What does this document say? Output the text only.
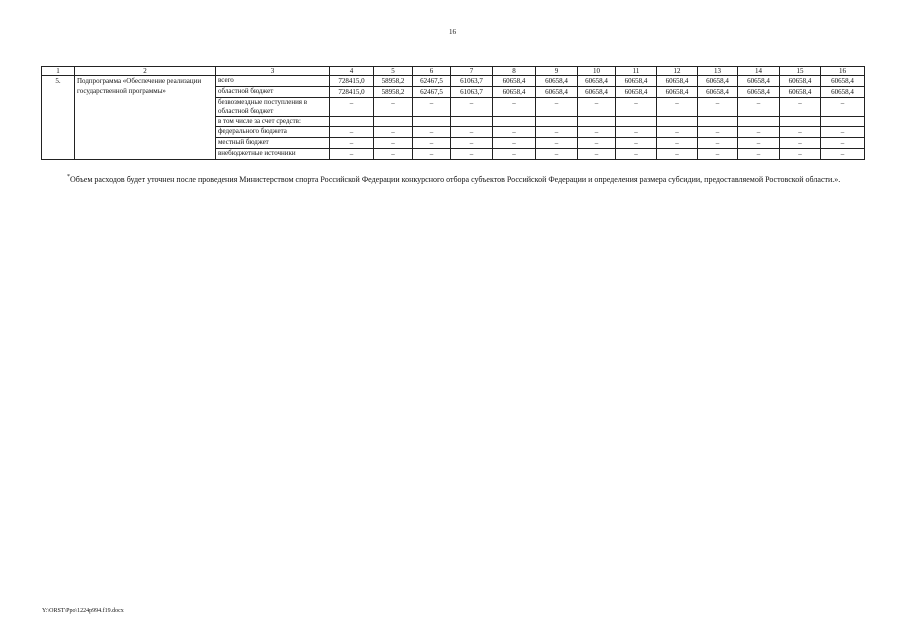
16
1	2	3	4	5	6	7	8	9	10	11	12	13	14	15	16
5.	Подпрограмма «Обеспечение реализации государственной программы»	всего	728415,0	58958,2	62467,5	61063,7	60658,4	60658,4	60658,4	60658,4	60658,4	60658,4	60658,4	60658,4	60658,4
		областной бюджет	728415,0	58958,2	62467,5	61063,7	60658,4	60658,4	60658,4	60658,4	60658,4	60658,4	60658,4	60658,4	60658,4
		безвозмездные поступления в областной бюджет	–	–	–	–	–	–	–	–	–	–	–	–	–
		в том числе за счет средств:													
		федерального бюджета	–	–	–	–	–	–	–	–	–	–	–	–	–
		местный бюджет	–	–	–	–	–	–	–	–	–	–	–	–	–
		внебюджетные источники	–	–	–	–	–	–	–	–	–	–	–	–	–
*Объем расходов будет уточнен после проведения Министерством спорта Российской Федерации конкурсного отбора субъектов Российской Федерации и определения размера субсидии, предоставляемой Ростовской области.».
Y:\ORST\Ppo\1224p994.f19.docx
